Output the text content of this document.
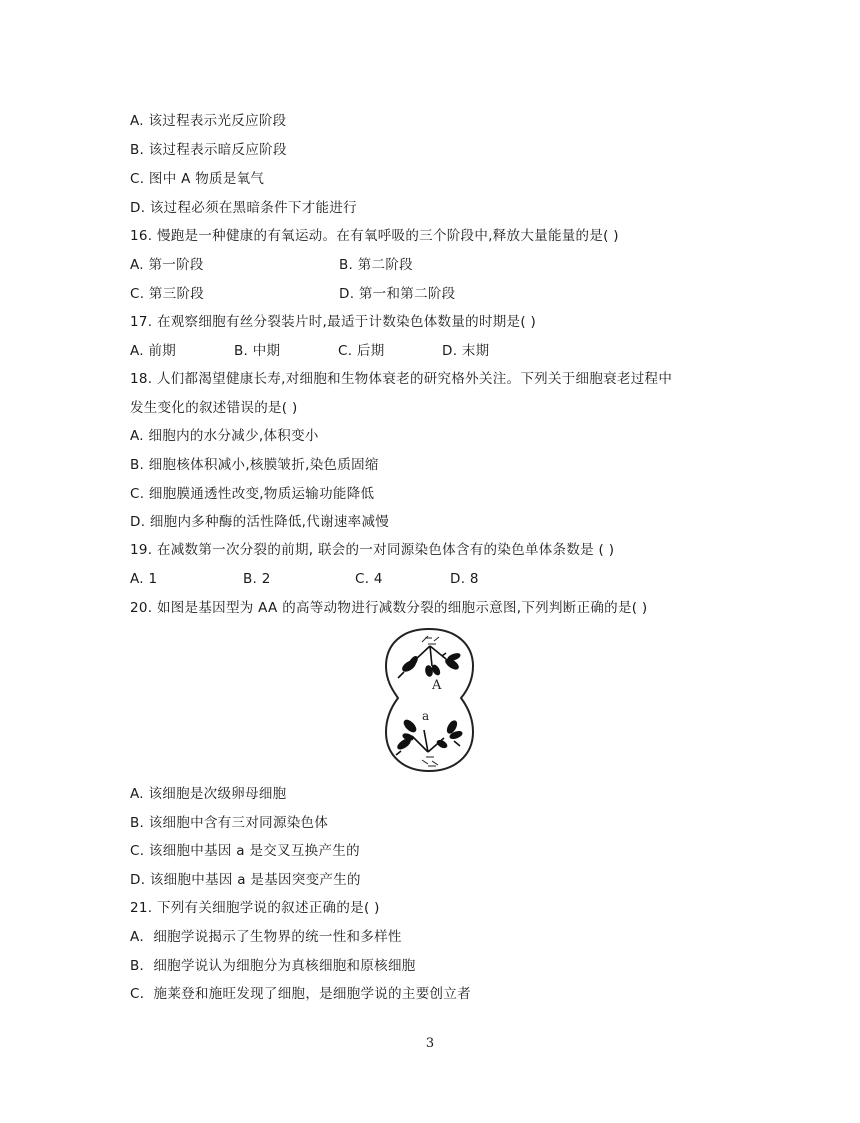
A. 该过程表示光反应阶段
B. 该过程表示暗反应阶段
C. 图中 A 物质是氧气
D. 该过程必须在黑暗条件下才能进行
16. 慢跑是一种健康的有氧运动。在有氧呼吸的三个阶段中,释放大量能量的是( )
A. 第一阶段	B. 第二阶段
C. 第三阶段	D. 第一和第二阶段
17. 在观察细胞有丝分裂装片时,最适于计数染色体数量的时期是( )
A. 前期	B. 中期	C. 后期	D. 末期
18. 人们都渴望健康长寿,对细胞和生物体衰老的研究格外关注。下列关于细胞衰老过程中
发生变化的叙述错误的是( )
A. 细胞内的水分减少,体积变小
B. 细胞核体积减小,核膜皱折,染色质固缩
C. 细胞膜通透性改变,物质运输功能降低
D. 细胞内多种酶的活性降低,代谢速率减慢
19. 在减数第一次分裂的前期, 联会的一对同源染色体含有的染色单体条数是 ( )
A. 1	B. 2	C. 4	D. 8
20. 如图是基因型为 AA 的高等动物进行减数分裂的细胞示意图,下列判断正确的是( )
A
a
A. 该细胞是次级卵母细胞
B. 该细胞中含有三对同源染色体
C. 该细胞中基因 a 是交叉互换产生的
D. 该细胞中基因 a 是基因突变产生的
21. 下列有关细胞学说的叙述正确的是( )
A．细胞学说揭示了生物界的统一性和多样性
B．细胞学说认为细胞分为真核细胞和原核细胞
C．施莱登和施旺发现了细胞，是细胞学说的主要创立者
3
